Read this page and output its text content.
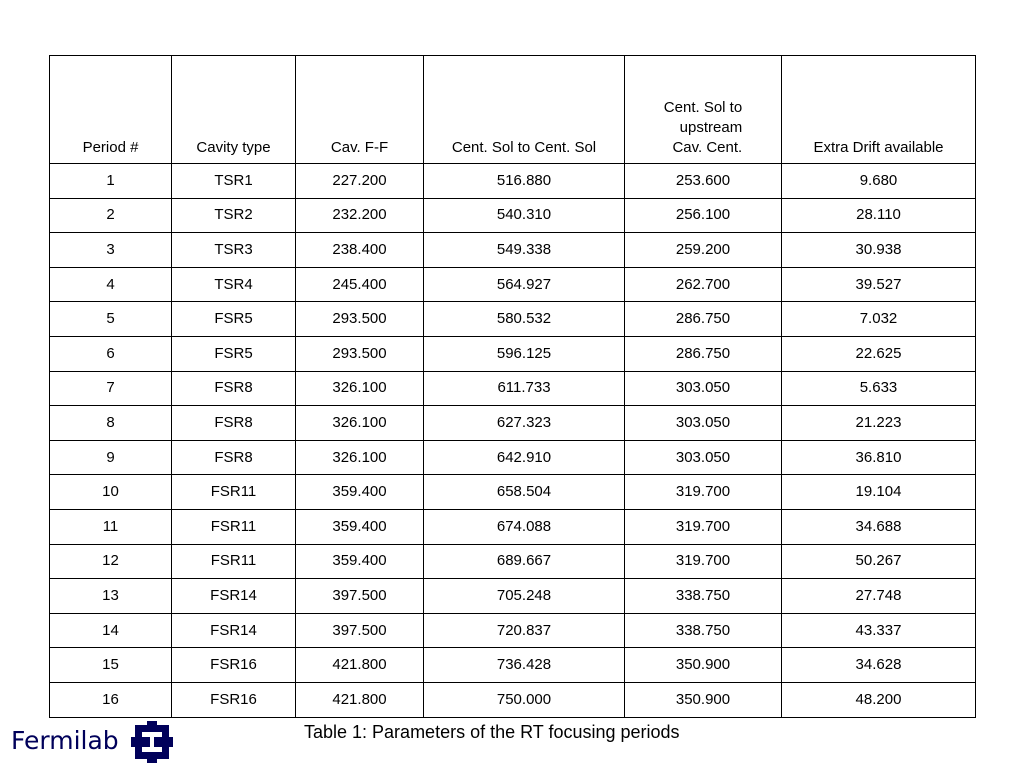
Period #	Cavity type	Cav. F-F	Cent. Sol to Cent. Sol	Cent. Sol to
upstream
Cav. Cent.	Extra Drift available
1	TSR1	227.200	516.880	253.600	9.680
2	TSR2	232.200	540.310	256.100	28.110
3	TSR3	238.400	549.338	259.200	30.938
4	TSR4	245.400	564.927	262.700	39.527
5	FSR5	293.500	580.532	286.750	7.032
6	FSR5	293.500	596.125	286.750	22.625
7	FSR8	326.100	611.733	303.050	5.633
8	FSR8	326.100	627.323	303.050	21.223
9	FSR8	326.100	642.910	303.050	36.810
10	FSR11	359.400	658.504	319.700	19.104
11	FSR11	359.400	674.088	319.700	34.688
12	FSR11	359.400	689.667	319.700	50.267
13	FSR14	397.500	705.248	338.750	27.748
14	FSR14	397.500	720.837	338.750	43.337
15	FSR16	421.800	736.428	350.900	34.628
16	FSR16	421.800	750.000	350.900	48.200
Table 1: Parameters of the RT focusing periods
Fermilab
